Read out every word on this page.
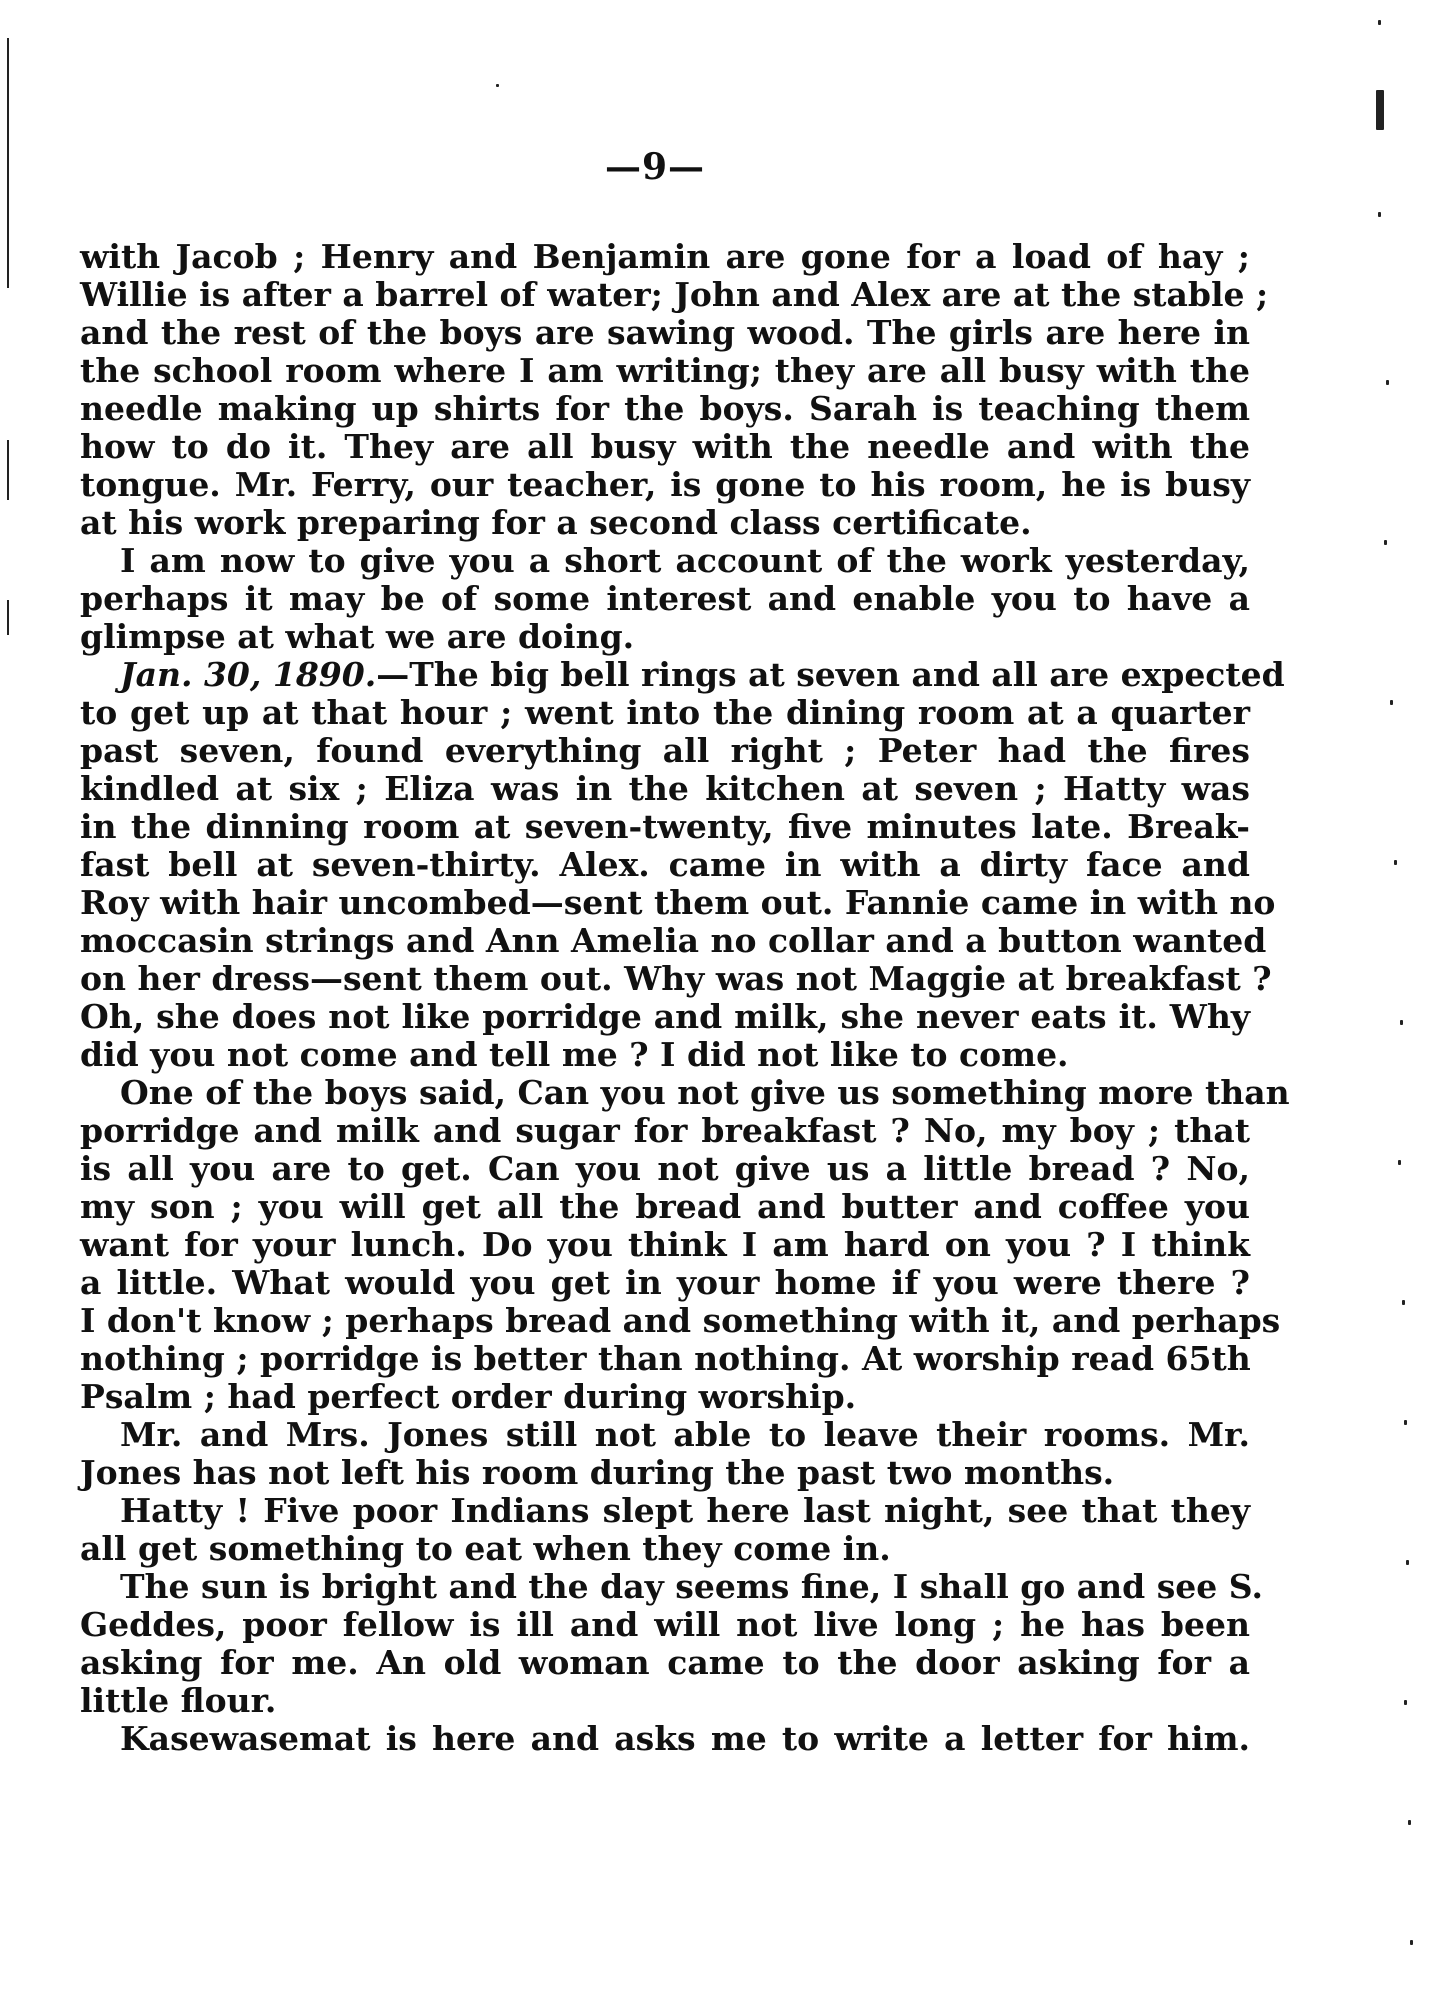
—9—
with Jacob ; Henry and Benjamin are gone for a load of hay ;
Willie is after a barrel of water; John and Alex are at the stable ;
and the rest of the boys are sawing wood. The girls are here in
the school room where I am writing; they are all busy with the
needle making up shirts for the boys. Sarah is teaching them
how to do it. They are all busy with the needle and with the
tongue. Mr. Ferry, our teacher, is gone to his room, he is busy
at his work preparing for a second class certificate.
I am now to give you a short account of the work yesterday,
perhaps it may be of some interest and enable you to have a
glimpse at what we are doing.
Jan. 30, 1890.—The big bell rings at seven and all are expected
to get up at that hour ; went into the dining room at a quarter
past seven, found everything all right ; Peter had the fires
kindled at six ; Eliza was in the kitchen at seven ; Hatty was
in the dinning room at seven-twenty, five minutes late. Break-
fast bell at seven-thirty. Alex. came in with a dirty face and
Roy with hair uncombed—sent them out. Fannie came in with no
moccasin strings and Ann Amelia no collar and a button wanted
on her dress—sent them out. Why was not Maggie at breakfast ?
Oh, she does not like porridge and milk, she never eats it. Why
did you not come and tell me ? I did not like to come.
One of the boys said, Can you not give us something more than
porridge and milk and sugar for breakfast ? No, my boy ; that
is all you are to get. Can you not give us a little bread ? No,
my son ; you will get all the bread and butter and coffee you
want for your lunch. Do you think I am hard on you ? I think
a little. What would you get in your home if you were there ?
I don't know ; perhaps bread and something with it, and perhaps
nothing ; porridge is better than nothing. At worship read 65th
Psalm ; had perfect order during worship.
Mr. and Mrs. Jones still not able to leave their rooms. Mr.
Jones has not left his room during the past two months.
Hatty ! Five poor Indians slept here last night, see that they
all get something to eat when they come in.
The sun is bright and the day seems fine, I shall go and see S.
Geddes, poor fellow is ill and will not live long ; he has been
asking for me. An old woman came to the door asking for a
little flour.
Kasewasemat is here and asks me to write a letter for him.
